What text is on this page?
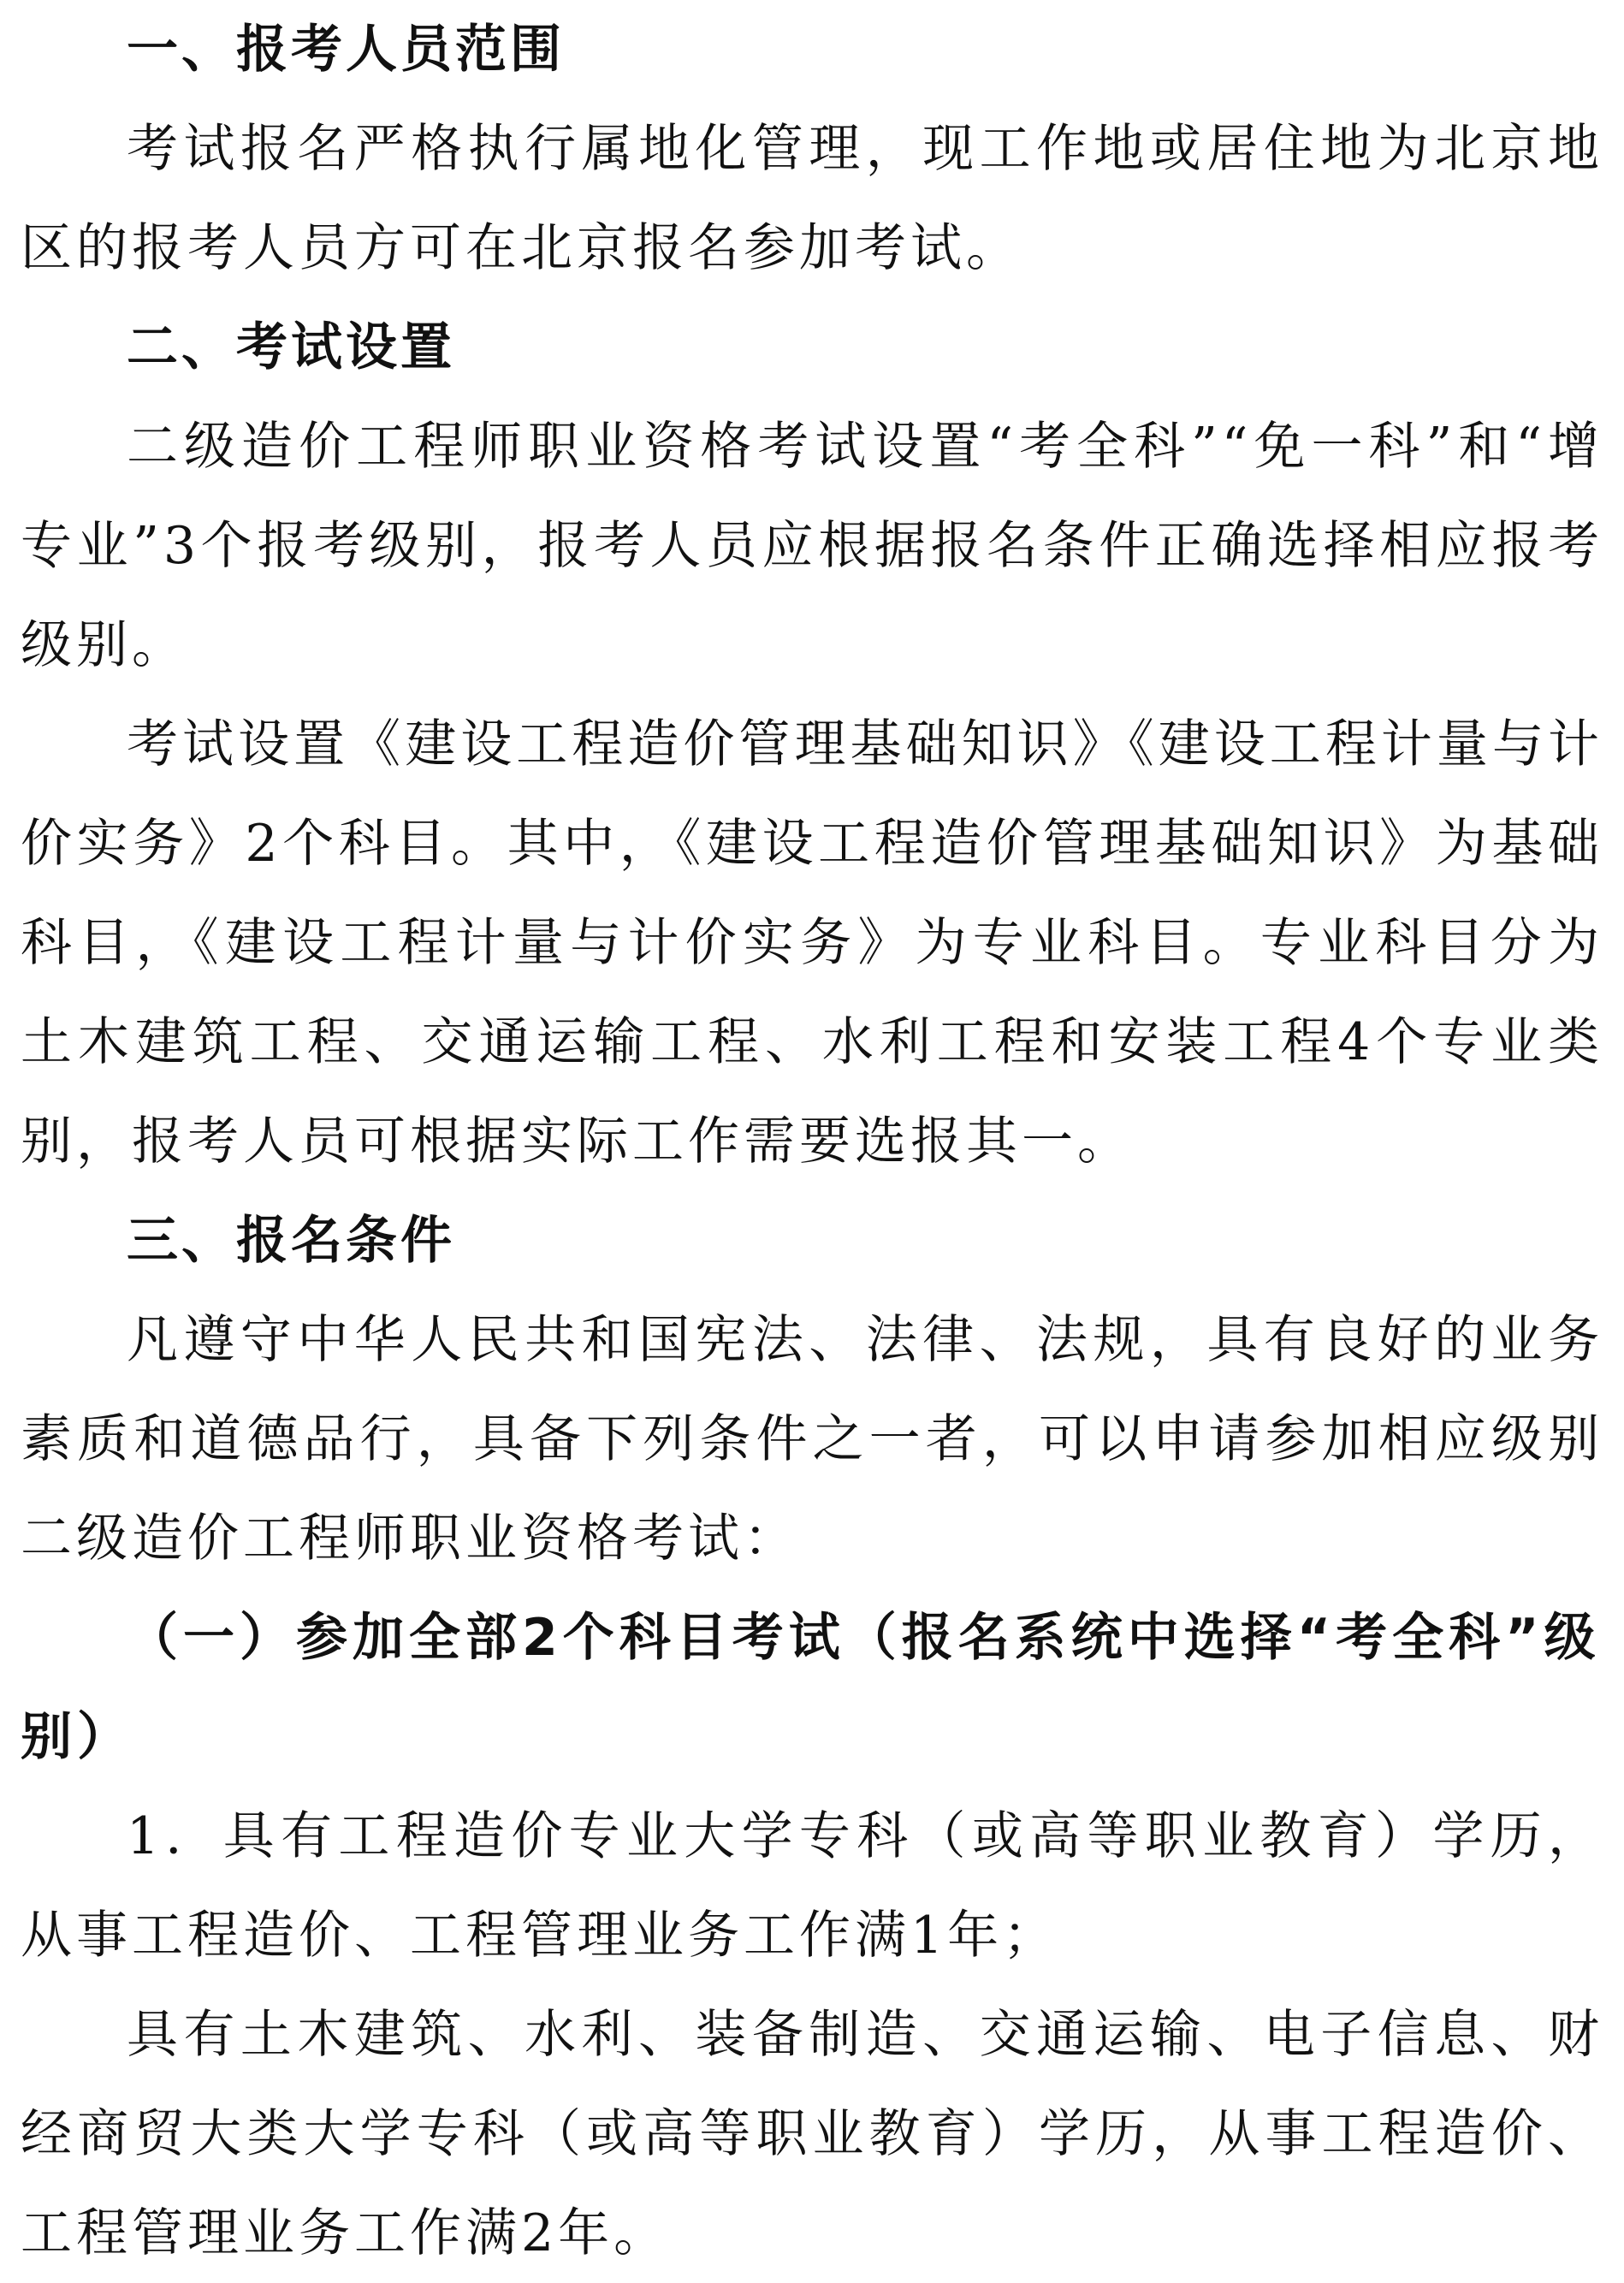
一、报考人员范围

考试报名严格执行属地化管理，现工作地或居住地为北京地区的报考人员方可在北京报名参加考试。

二、考试设置

二级造价工程师职业资格考试设置“考全科”“免一科”和“增专业”3个报考级别，报考人员应根据报名条件正确选择相应报考级别。

考试设置《建设工程造价管理基础知识》《建设工程计量与计价实务》2个科目。其中，《建设工程造价管理基础知识》为基础科目，《建设工程计量与计价实务》为专业科目。专业科目分为土木建筑工程、交通运输工程、水利工程和安装工程4个专业类别，报考人员可根据实际工作需要选报其一。

三、报名条件

凡遵守中华人民共和国宪法、法律、法规，具有良好的业务素质和道德品行，具备下列条件之一者，可以申请参加相应级别二级造价工程师职业资格考试：

（一）参加全部2个科目考试（报名系统中选择“考全科”级别）

1．具有工程造价专业大学专科（或高等职业教育）学历，从事工程造价、工程管理业务工作满1年；

具有土木建筑、水利、装备制造、交通运输、电子信息、财经商贸大类大学专科（或高等职业教育）学历，从事工程造价、工程管理业务工作满2年。
